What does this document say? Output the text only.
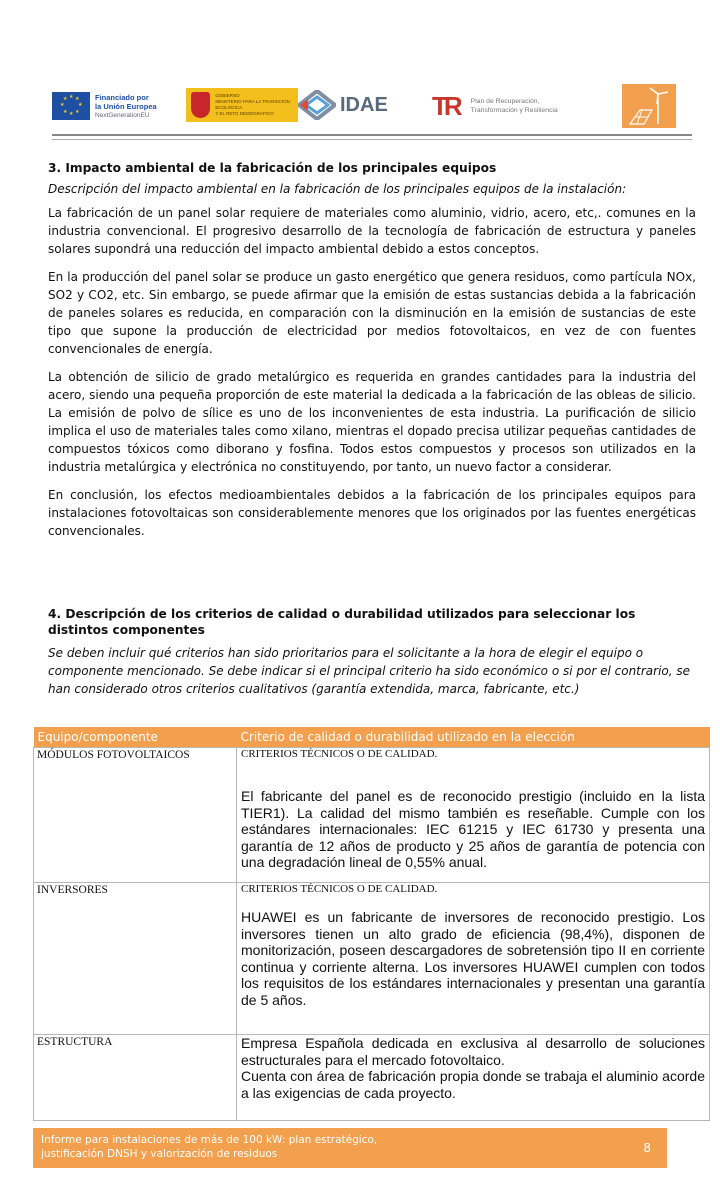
★ ★
★
★
★
★
★
★	Financiado por
la Unión Europea
NextGenerationEU
GOBIERNO
MINISTERIO PARA LA TRANSICIÓN ECOLÓGICA
Y EL RETO DEMOGRÁFICO	IDAE TR Plan de Recuperación,
Transformación y Resiliencia
3. Impacto ambiental de la fabricación de los principales equipos
Descripción del impacto ambiental en la fabricación de los principales equipos de la instalación:

La fabricación de un panel solar requiere de materiales como aluminio, vidrio, acero, etc,. comunes en la industria convencional. El progresivo desarrollo de la tecnología de fabricación de estructura y paneles solares supondrá una reducción del impacto ambiental debido a estos conceptos.

En la producción del panel solar se produce un gasto energético que genera residuos, como partícula NOx, SO2 y CO2, etc. Sin embargo, se puede afirmar que la emisión de estas sustancias debida a la fabricación de paneles solares es reducida, en comparación con la disminución en la emisión de sustancias de este tipo que supone la producción de electricidad por medios fotovoltaicos, en vez de con fuentes convencionales de energía.

La obtención de silicio de grado metalúrgico es requerida en grandes cantidades para la industria del acero, siendo una pequeña proporción de este material la dedicada a la fabricación de las obleas de silicio. La emisión de polvo de sílice es uno de los inconvenientes de esta industria. La purificación de silicio implica el uso de materiales tales como xilano, mientras el dopado precisa utilizar pequeñas cantidades de compuestos tóxicos como diborano y fosfina. Todos estos compuestos y procesos son utilizados en la industria metalúrgica y electrónica no constituyendo, por tanto, un nuevo factor a considerar.

En conclusión, los efectos medioambientales debidos a la fabricación de los principales equipos para instalaciones fotovoltaicas son considerablemente menores que los originados por las fuentes energéticas convencionales.

4. Descripción de los criterios de calidad o durabilidad utilizados para seleccionar los distintos componentes
Se deben incluir qué criterios han sido prioritarios para el solicitante a la hora de elegir el equipo o componente mencionado. Se debe indicar si el principal criterio ha sido económico o si por el contrario, se han considerado otros criterios cualitativos (garantía extendida, marca, fabricante, etc.)
Equipo/componente	Criterio de calidad o durabilidad utilizado en la elección
MÓDULOS FOTOVOLTAICOS	CRITERIOS TÉCNICOS O DE CALIDAD.
El fabricante del panel es de reconocido prestigio (incluido en la lista TIER1). La calidad del mismo también es reseñable. Cumple con los estándares internacionales: IEC 61215 y IEC 61730 y presenta una garantía de 12 años de producto y 25 años de garantía de potencia con una degradación lineal de 0,55% anual.

INVERSORES	CRITERIOS TÉCNICOS O DE CALIDAD.
HUAWEI es un fabricante de inversores de reconocido prestigio. Los inversores tienen un alto grado de eficiencia (98,4%), disponen de monitorización, poseen descargadores de sobretensión tipo II en corriente continua y corriente alterna. Los inversores HUAWEI cumplen con todos los requisitos de los estándares internacionales y presentan una garantía de 5 años.

ESTRUCTURA	Empresa Española dedicada en exclusiva al desarrollo de soluciones estructurales para el mercado fotovoltaico.
Cuenta con área de fabricación propia donde se trabaja el aluminio acorde a las exigencias de cada proyecto.
Informe para instalaciones de más de 100 kW: plan estratégico,
justificación DNSH y valorización de residuos	8
